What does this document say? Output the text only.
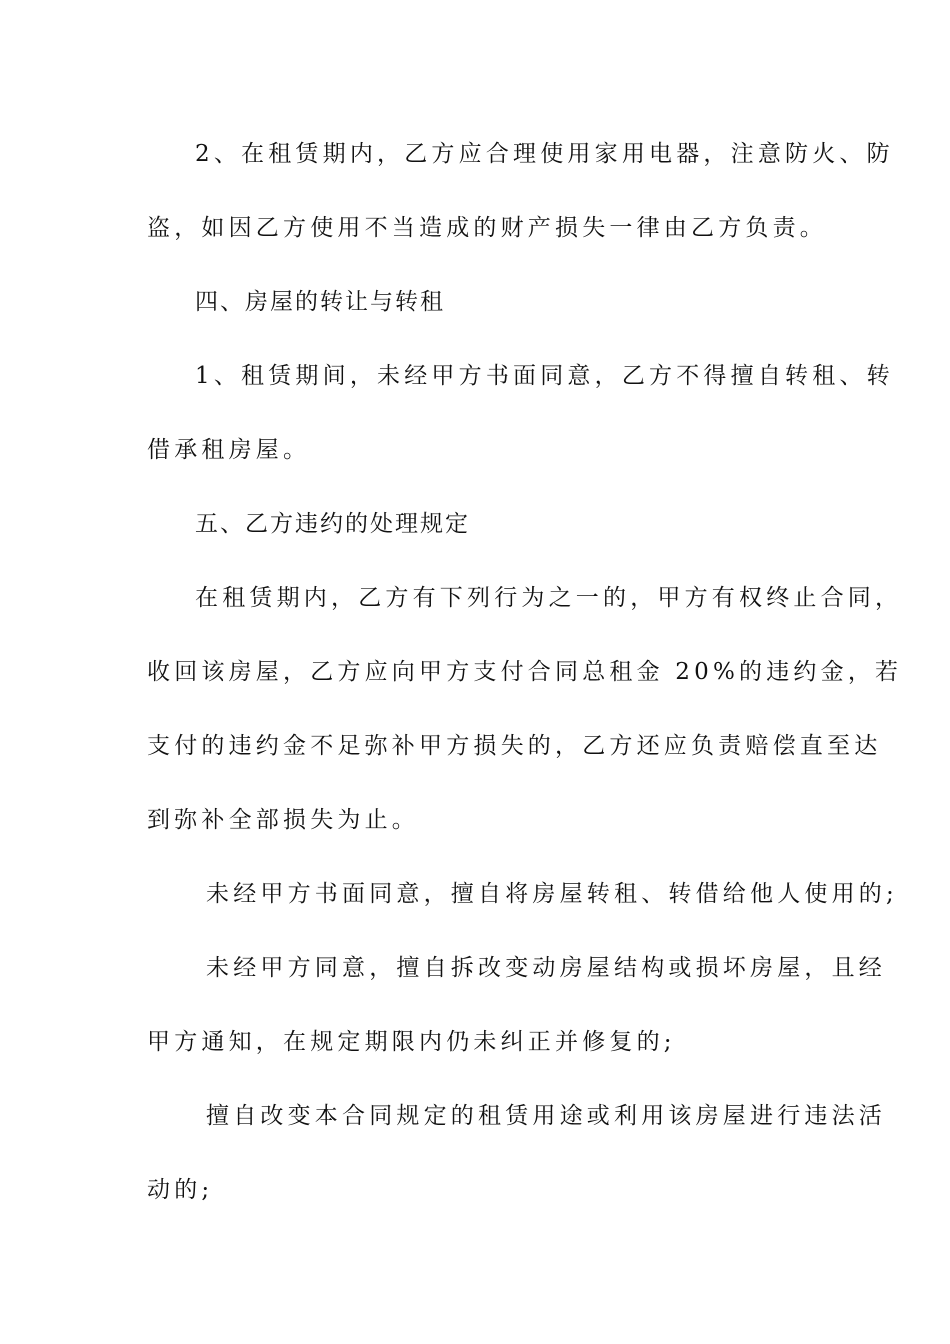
2、在租赁期内，乙方应合理使用家用电器，注意防火、防

盗，如因乙方使用不当造成的财产损失一律由乙方负责。

四、房屋的转让与转租

1、租赁期间，未经甲方书面同意，乙方不得擅自转租、转

借承租房屋。

五、乙方违约的处理规定

在租赁期内，乙方有下列行为之一的，甲方有权终止合同，

收回该房屋，乙方应向甲方支付合同总租金 20%的违约金，若

支付的违约金不足弥补甲方损失的，乙方还应负责赔偿直至达

到弥补全部损失为止。

未经甲方书面同意，擅自将房屋转租、转借给他人使用的;

未经甲方同意，擅自拆改变动房屋结构或损坏房屋，且经

甲方通知，在规定期限内仍未纠正并修复的;

擅自改变本合同规定的租赁用途或利用该房屋进行违法活

动的;
